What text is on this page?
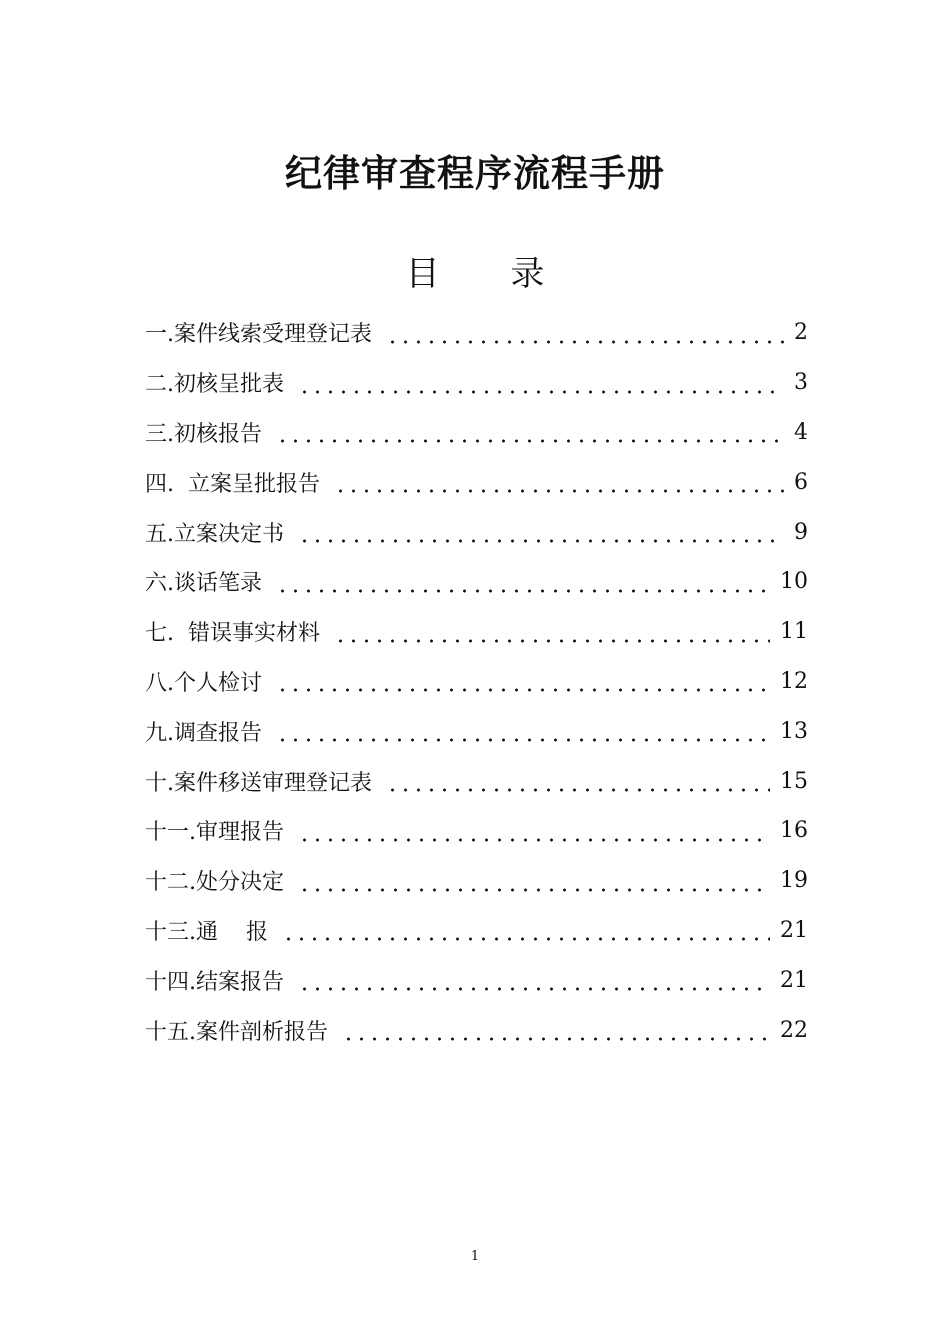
纪律审查程序流程手册
目 录
一.案件线索受理登记表	2
二.初核呈批表	3
三.初核报告	4
四.  立案呈批报告	6
五.立案决定书	9
六.谈话笔录	10
七.  错误事实材料	11
八.个人检讨	12
九.调查报告	13
十.案件移送审理登记表	15
十一.审理报告	16
十二.处分决定	19
十三.通    报	21
十四.结案报告	21
十五.案件剖析报告	22
1
